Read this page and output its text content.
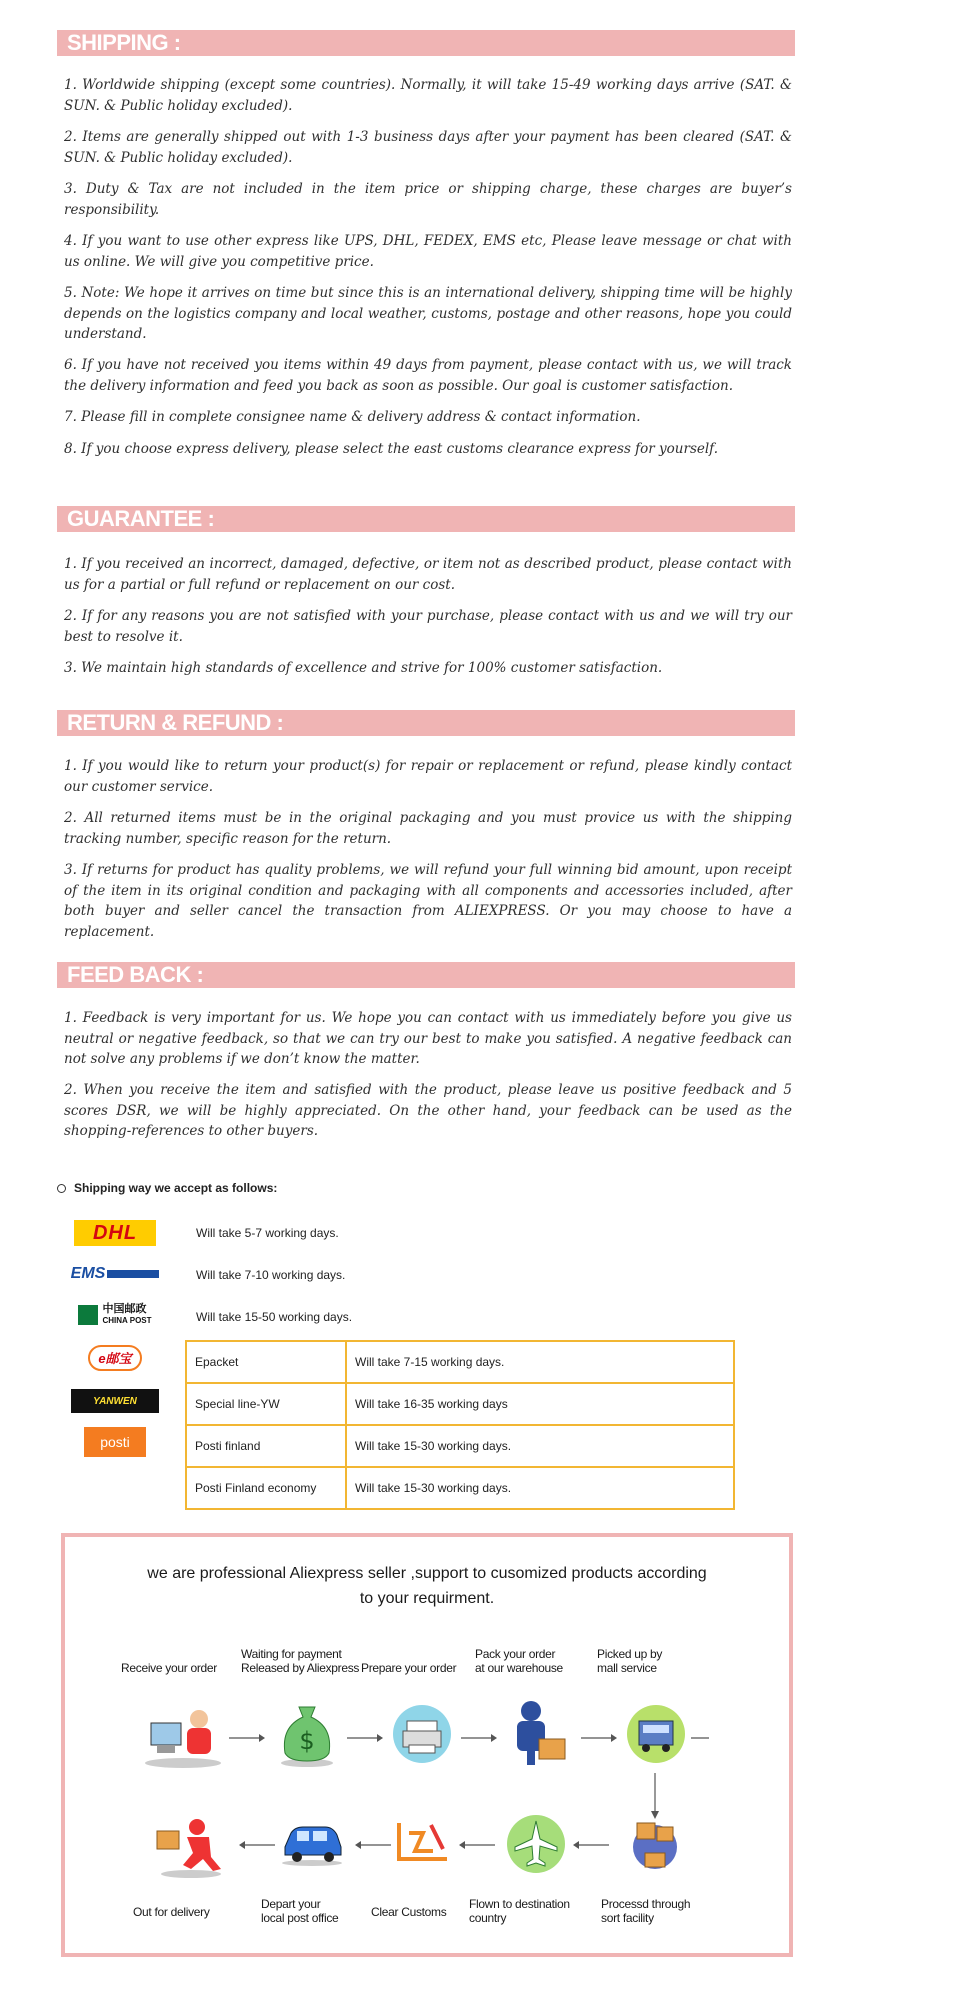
SHIPPING :

1. Worldwide shipping (except some countries). Normally, it will take 15-49 working days arrive (SAT. & SUN. & Public holiday excluded).

2. Items are generally shipped out with 1-3 business days after your payment has been cleared (SAT. & SUN. & Public holiday excluded).

3. Duty & Tax are not included in the item price or shipping charge, these charges are buyer’s responsibility.

4. If you want to use other express like UPS, DHL, FEDEX, EMS etc, Please leave message or chat with us online. We will give you competitive price.

5. Note: We hope it arrives on time but since this is an international delivery, shipping time will be highly depends on the logistics company and local weather, customs, postage and other reasons, hope you could understand.

6. If you have not received you items within 49 days from payment, please contact with us, we will track the delivery information and feed you back as soon as possible. Our goal is customer satisfaction.

7. Please fill in complete consignee name & delivery address & contact information.

8. If you choose express delivery, please select the east customs clearance express for yourself.

GUARANTEE :

1. If you received an incorrect, damaged, defective, or item not as described product, please contact with us for a partial or full refund or replacement on our cost.

2. If for any reasons you are not satisfied with your purchase, please contact with us and we will try our best to resolve it.

3. We maintain high standards of excellence and strive for 100% customer satisfaction.

RETURN & REFUND :

1. If you would like to return your product(s) for repair or replacement or refund, please kindly contact our customer service.

2. All returned items must be in the original packaging and you must provice us with the shipping tracking number, specific reason for the return.

3. If returns for product has quality problems, we will refund your full winning bid amount, upon receipt of the item in its original condition and packaging with all components and accessories included, after both buyer and seller cancel the transaction from ALIEXPRESS. Or you may choose to have a replacement.

FEED BACK :

1. Feedback is very important for us. We hope you can contact with us immediately before you give us neutral or negative feedback, so that we can try our best to make you satisfied. A negative feedback can not solve any problems if we don’t know the matter.

2. When you receive the item and satisfied with the product, please leave us positive feedback and 5 scores DSR, we will be highly appreciated. On the other hand, your feedback can be used as the shopping-references to other buyers.

Shipping way we accept as follows:
DHL	Will take 5-7 working days.
EMS	Will take 7-10 working days.
中国邮政
CHINA POST	Will take 15-50 working days.
e邮宝
YANWEN
posti
Epacket	Will take 7-15 working days.
Special line-YW	Will take 16-35 working days
Posti finland	Will take 15-30 working days.
Posti Finland economy	Will take 15-30 working days.
we are professional Aliexpress seller ,support to cusomized products according
to your requirment.
Receive your order
Waiting for payment
Released by Aliexpress Prepare your order
Pack your order
at our warehouse
Picked up by
mall service
$
Out for delivery
Depart your
local post office	Clear Customs
Flown to destination
country
Processd through
sort facility
